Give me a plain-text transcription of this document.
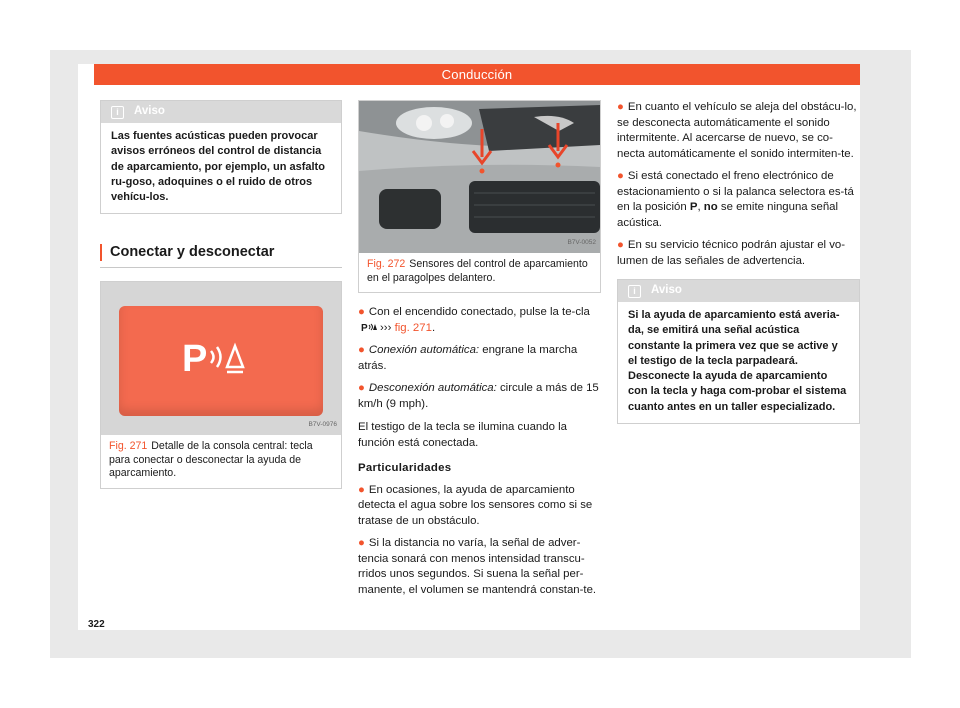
Conducción
i	Aviso
Las fuentes acústicas pueden provocar avisos erróneos del control de distancia de aparcamiento, por ejemplo, un asfalto ru-goso, adoquines o el ruido de otros vehícu-los.
Conectar y desconectar
P
B7V-0976
Fig. 271 Detalle de la consola central: tecla para conectar o desconectar la ayuda de aparcamiento.
B7V-0052
Fig. 272 Sensores del control de aparcamiento en el paragolpes delantero.

● Con el encendido conectado, pulse la te-cla
P ››› fig. 271.

● Conexión automática: engrane la marcha atrás.

● Desconexión automática: circule a más de 15 km/h (9 mph).

El testigo de la tecla se ilumina cuando la función está conectada.

Particularidades

● En ocasiones, la ayuda de aparcamiento detecta el agua sobre los sensores como si se tratase de un obstáculo.

● Si la distancia no varía, la señal de adver-tencia sonará con menos intensidad transcu-rridos unos segundos. Si suena la señal per-manente, el volumen se mantendrá constan-te.

● En cuanto el vehículo se aleja del obstácu-lo, se desconecta automáticamente el sonido intermitente. Al acercarse de nuevo, se co-necta automáticamente el sonido intermiten-te.

● Si está conectado el freno electrónico de estacionamiento o si la palanca selectora es-tá en la posición P, no se emite ninguna señal acústica.

● En su servicio técnico podrán ajustar el vo-lumen de las señales de advertencia.

i	Aviso
Si la ayuda de aparcamiento está averia-da, se emitirá una señal acústica constante la primera vez que se active y el testigo de la tecla parpadeará. Desconecte la ayuda de aparcamiento con la tecla y haga com-probar el sistema cuanto antes en un taller especializado.
322
